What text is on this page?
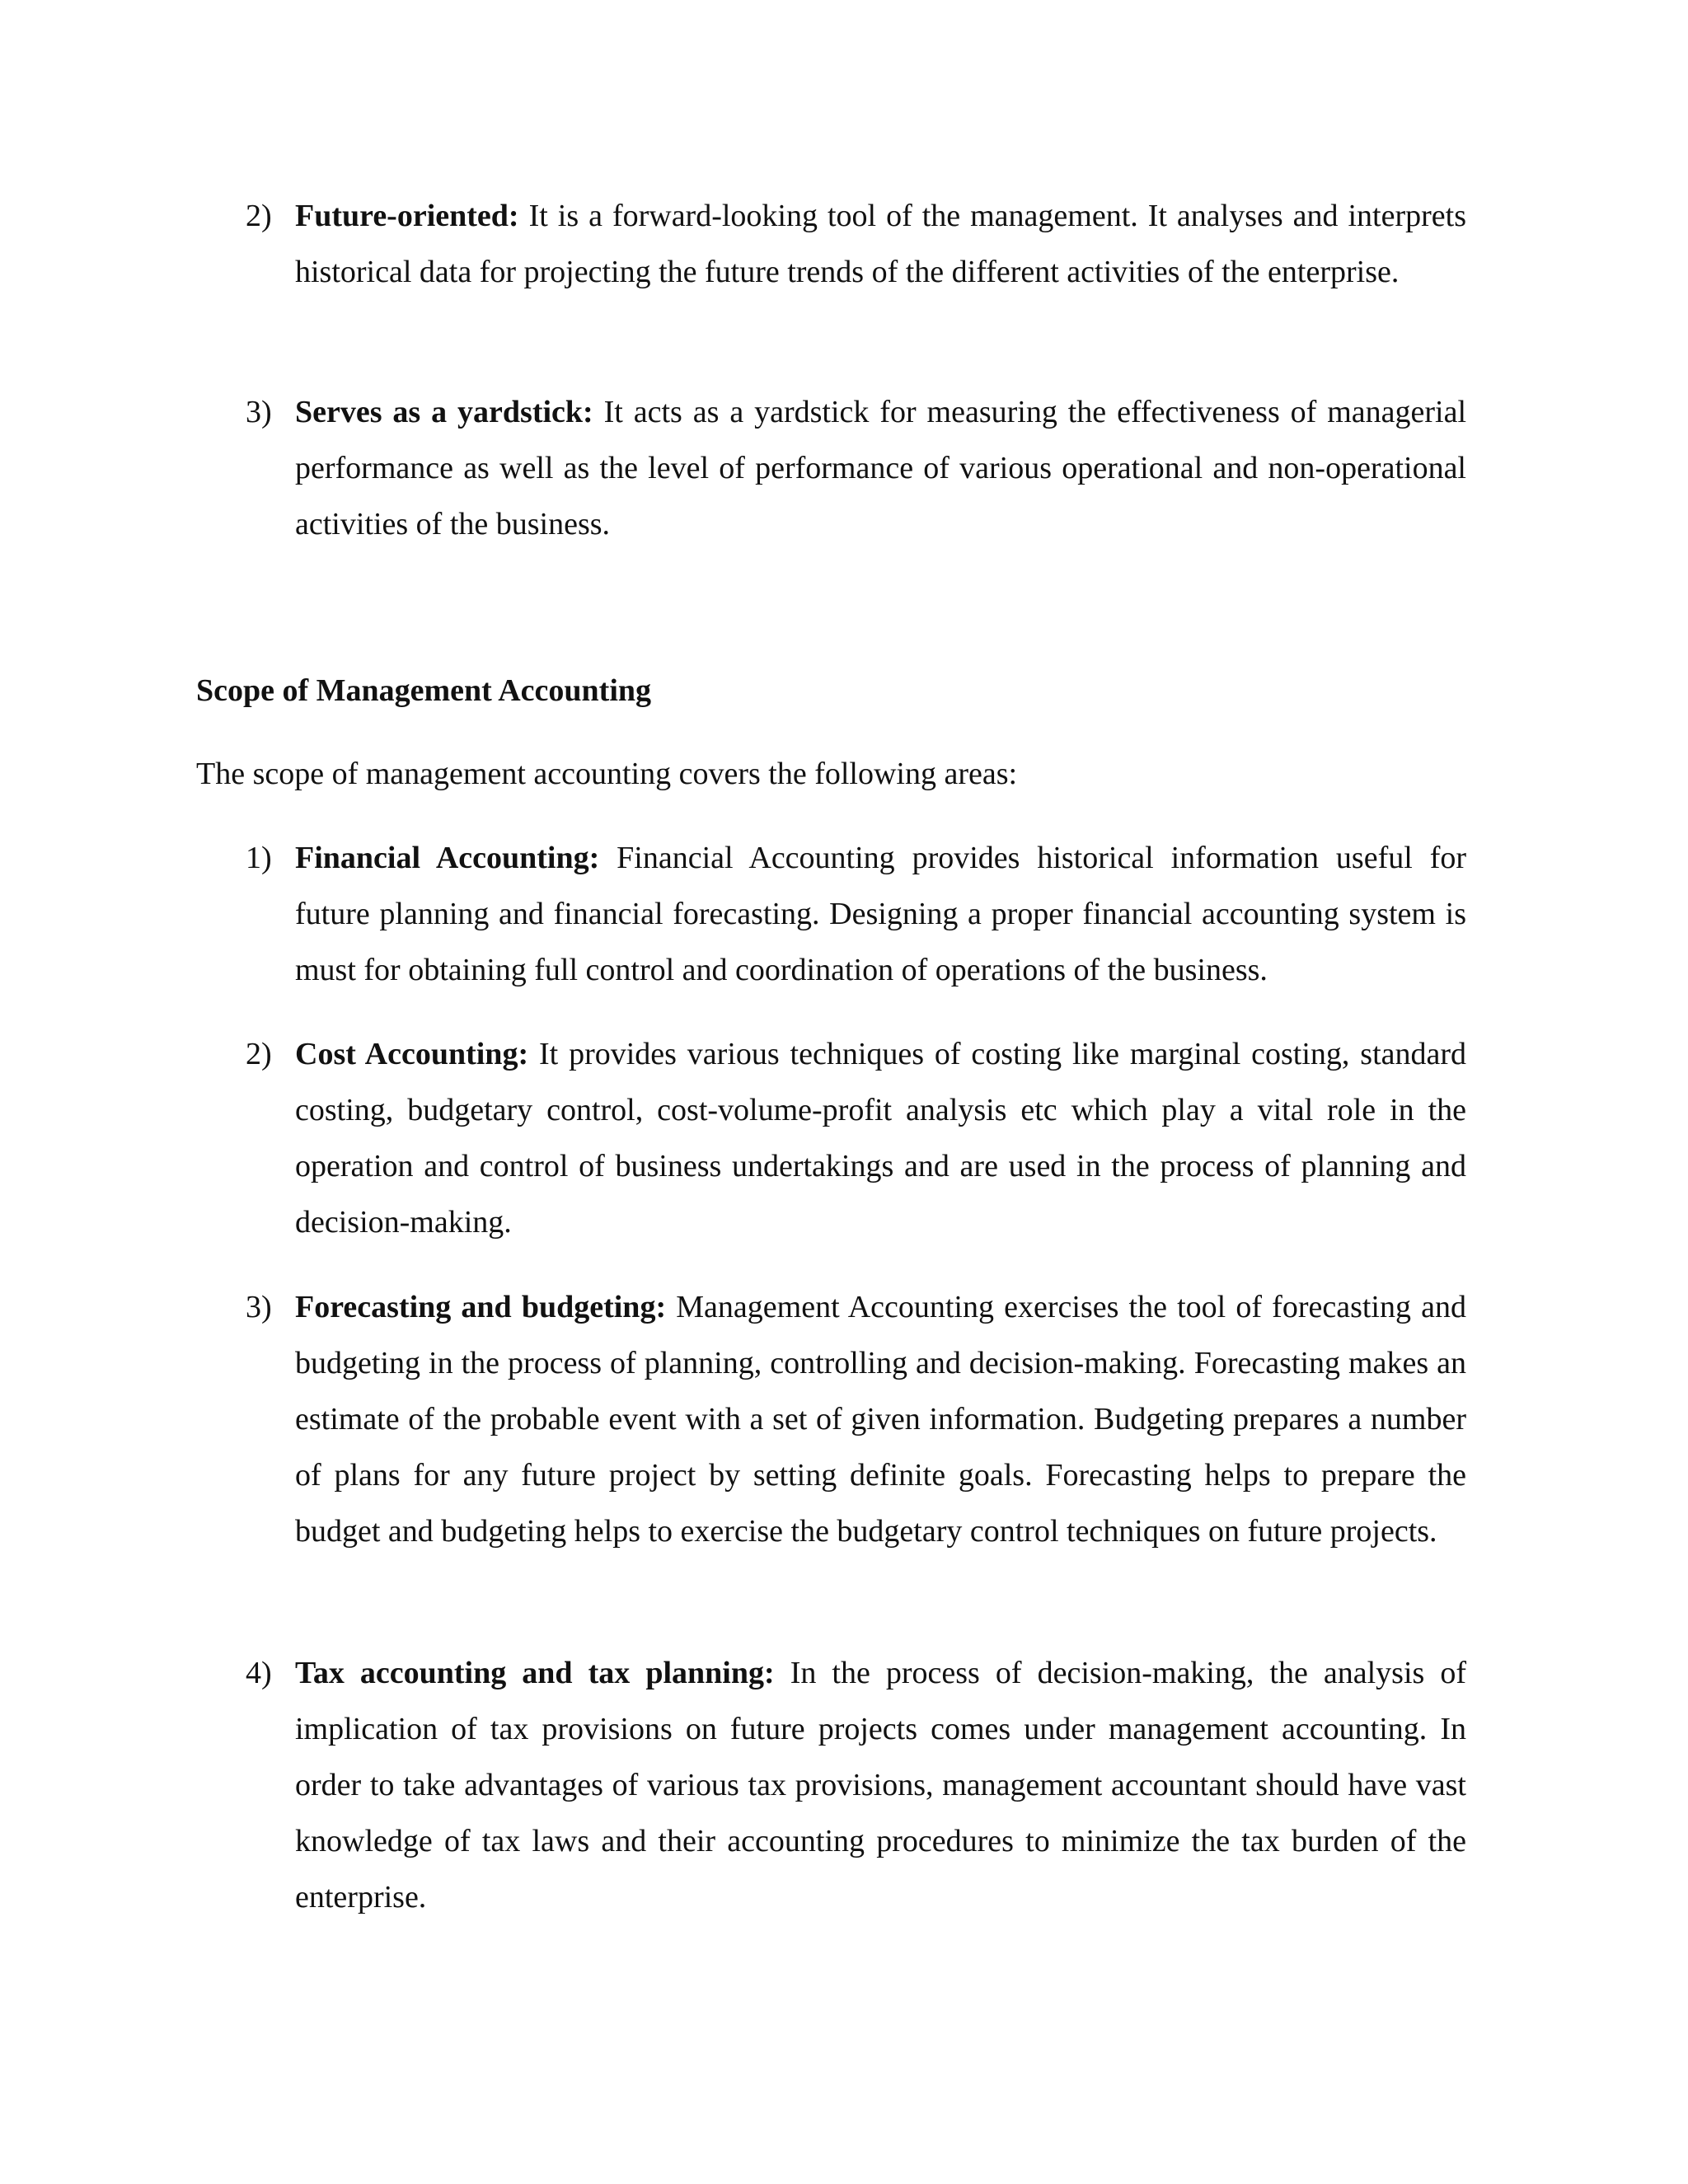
2) Future-oriented: It is a forward-looking tool of the management. It analyses and interprets historical data for projecting the future trends of the different activities of the enterprise.
3) Serves as a yardstick: It acts as a yardstick for measuring the effectiveness of managerial performance as well as the level of performance of various operational and non-operational activities of the business.
Scope of Management Accounting

The scope of management accounting covers the following areas:

1) Financial Accounting: Financial Accounting provides historical information useful for future planning and financial forecasting. Designing a proper financial accounting system is must for obtaining full control and coordination of operations of the business.
2) Cost Accounting: It provides various techniques of costing like marginal costing, standard costing, budgetary control, cost-volume-profit analysis etc which play a vital role in the operation and control of business undertakings and are used in the process of planning and decision-making.
3) Forecasting and budgeting: Management Accounting exercises the tool of forecasting and budgeting in the process of planning, controlling and decision-making. Forecasting makes an estimate of the probable event with a set of given information. Budgeting prepares a number of plans for any future project by setting definite goals. Forecasting helps to prepare the budget and budgeting helps to exercise the budgetary control techniques on future projects.
4) Tax accounting and tax planning: In the process of decision-making, the analysis of implication of tax provisions on future projects comes under management accounting. In order to take advantages of various tax provisions, management accountant should have vast knowledge of tax laws and their accounting procedures to minimize the tax burden of the enterprise.
